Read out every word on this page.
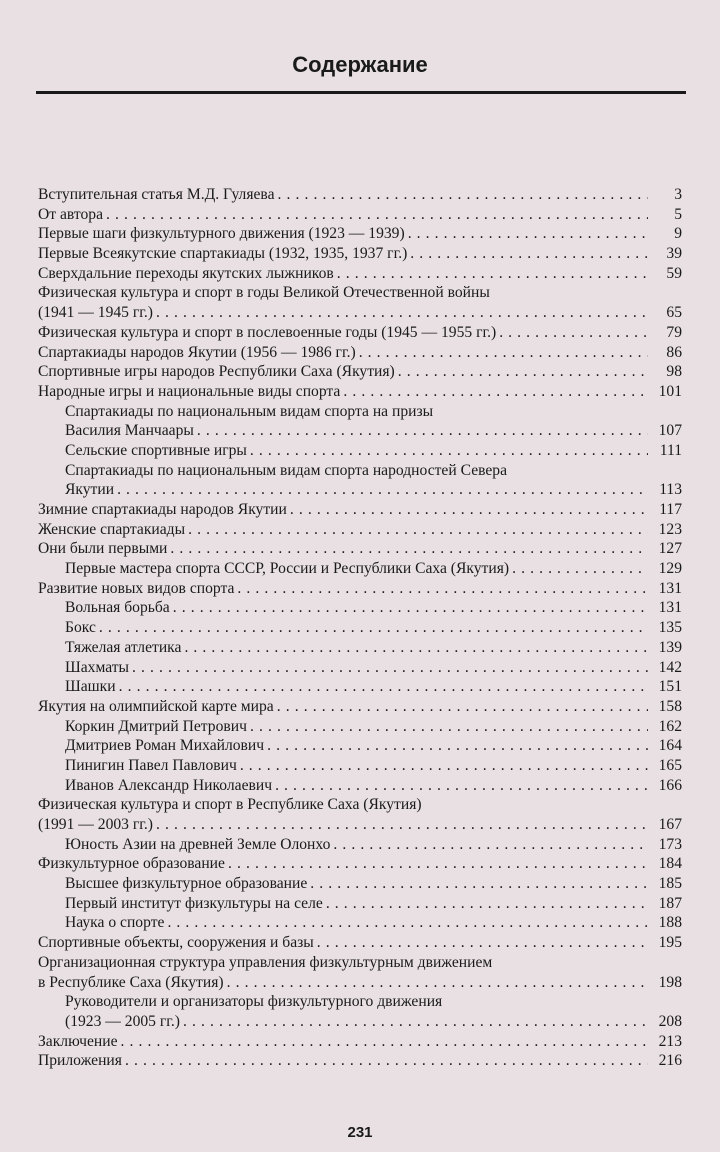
Содержание
Вступительная статья М.Д. Гуляева . . .	3
От автора . . .	5
Первые шаги физкультурного движения (1923 — 1939) . . .	9
Первые Всеякутские спартакиады (1932, 1935, 1937 гг.) . . .	39
Сверхдальние переходы якутских лыжников . . .	59
Физическая культура и спорт в годы Великой Отечественной войны
(1941 — 1945 гг.) . . .	65
Физическая культура и спорт в послевоенные годы (1945 — 1955 гг.) . . .	79
Спартакиады народов Якутии (1956 — 1986 гг.) . . .	86
Спортивные игры народов Республики Саха (Якутия) . . .	98
Народные игры и национальные виды спорта . . .	101
Спартакиады по национальным видам спорта на призы
Василия Манчаары . . .	107
Сельские спортивные игры . . .	111
Спартакиады по национальным видам спорта народностей Севера
Якутии . . .	113
Зимние спартакиады народов Якутии . . .	117
Женские спартакиады . . .	123
Они были первыми . . .	127
Первые мастера спорта СССР, России и Республики Саха (Якутия) . . .	129
Развитие новых видов спорта . . .	131
Вольная борьба . . .	131
Бокс . . .	135
Тяжелая атлетика . . .	139
Шахматы . . .	142
Шашки . . .	151
Якутия на олимпийской карте мира . . .	158
Коркин Дмитрий Петрович . . .	162
Дмитриев Роман Михайлович . . .	164
Пинигин Павел Павлович . . .	165
Иванов Александр Николаевич . . .	166
Физическая культура и спорт в Республике Саха (Якутия)
(1991 — 2003 гг.) . . .	167
Юность Азии на древней Земле Олонхо . . .	173
Физкультурное образование . . .	184
Высшее физкультурное образование . . .	185
Первый институт физкультуры на селе . . .	187
Наука о спорте . . .	188
Спортивные объекты, сооружения и базы . . .	195
Организационная структура управления физкультурным движением
в Республике Саха (Якутия) . . .	198
Руководители и организаторы физкультурного движения
(1923 — 2005 гг.) . . .	208
Заключение . . .	213
Приложения . . .	216
231
